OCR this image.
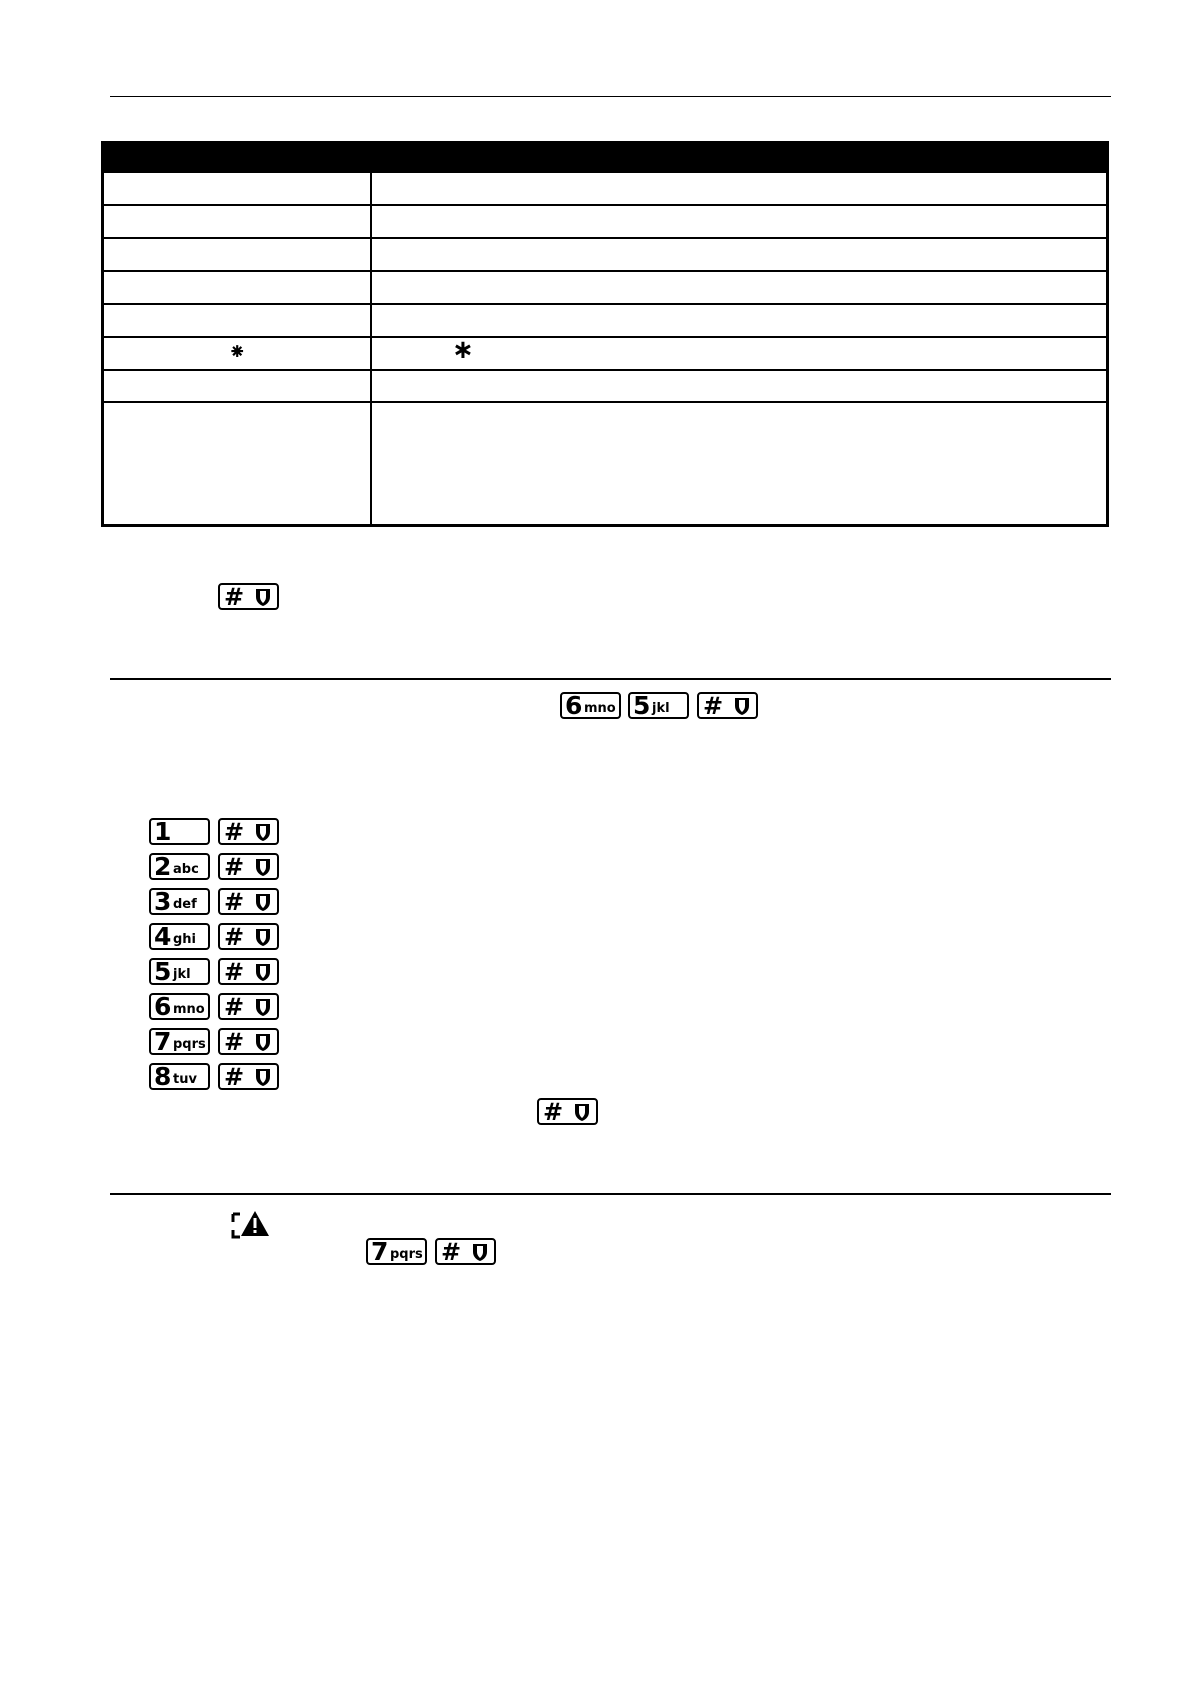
⁕	∗
#
6 mno 5 jkl #
1 #
2 abc #
3 def #
4 ghi #
5 jkl #
6 mno #
7 pqrs #
8 tuv #
#
7 pqrs #
